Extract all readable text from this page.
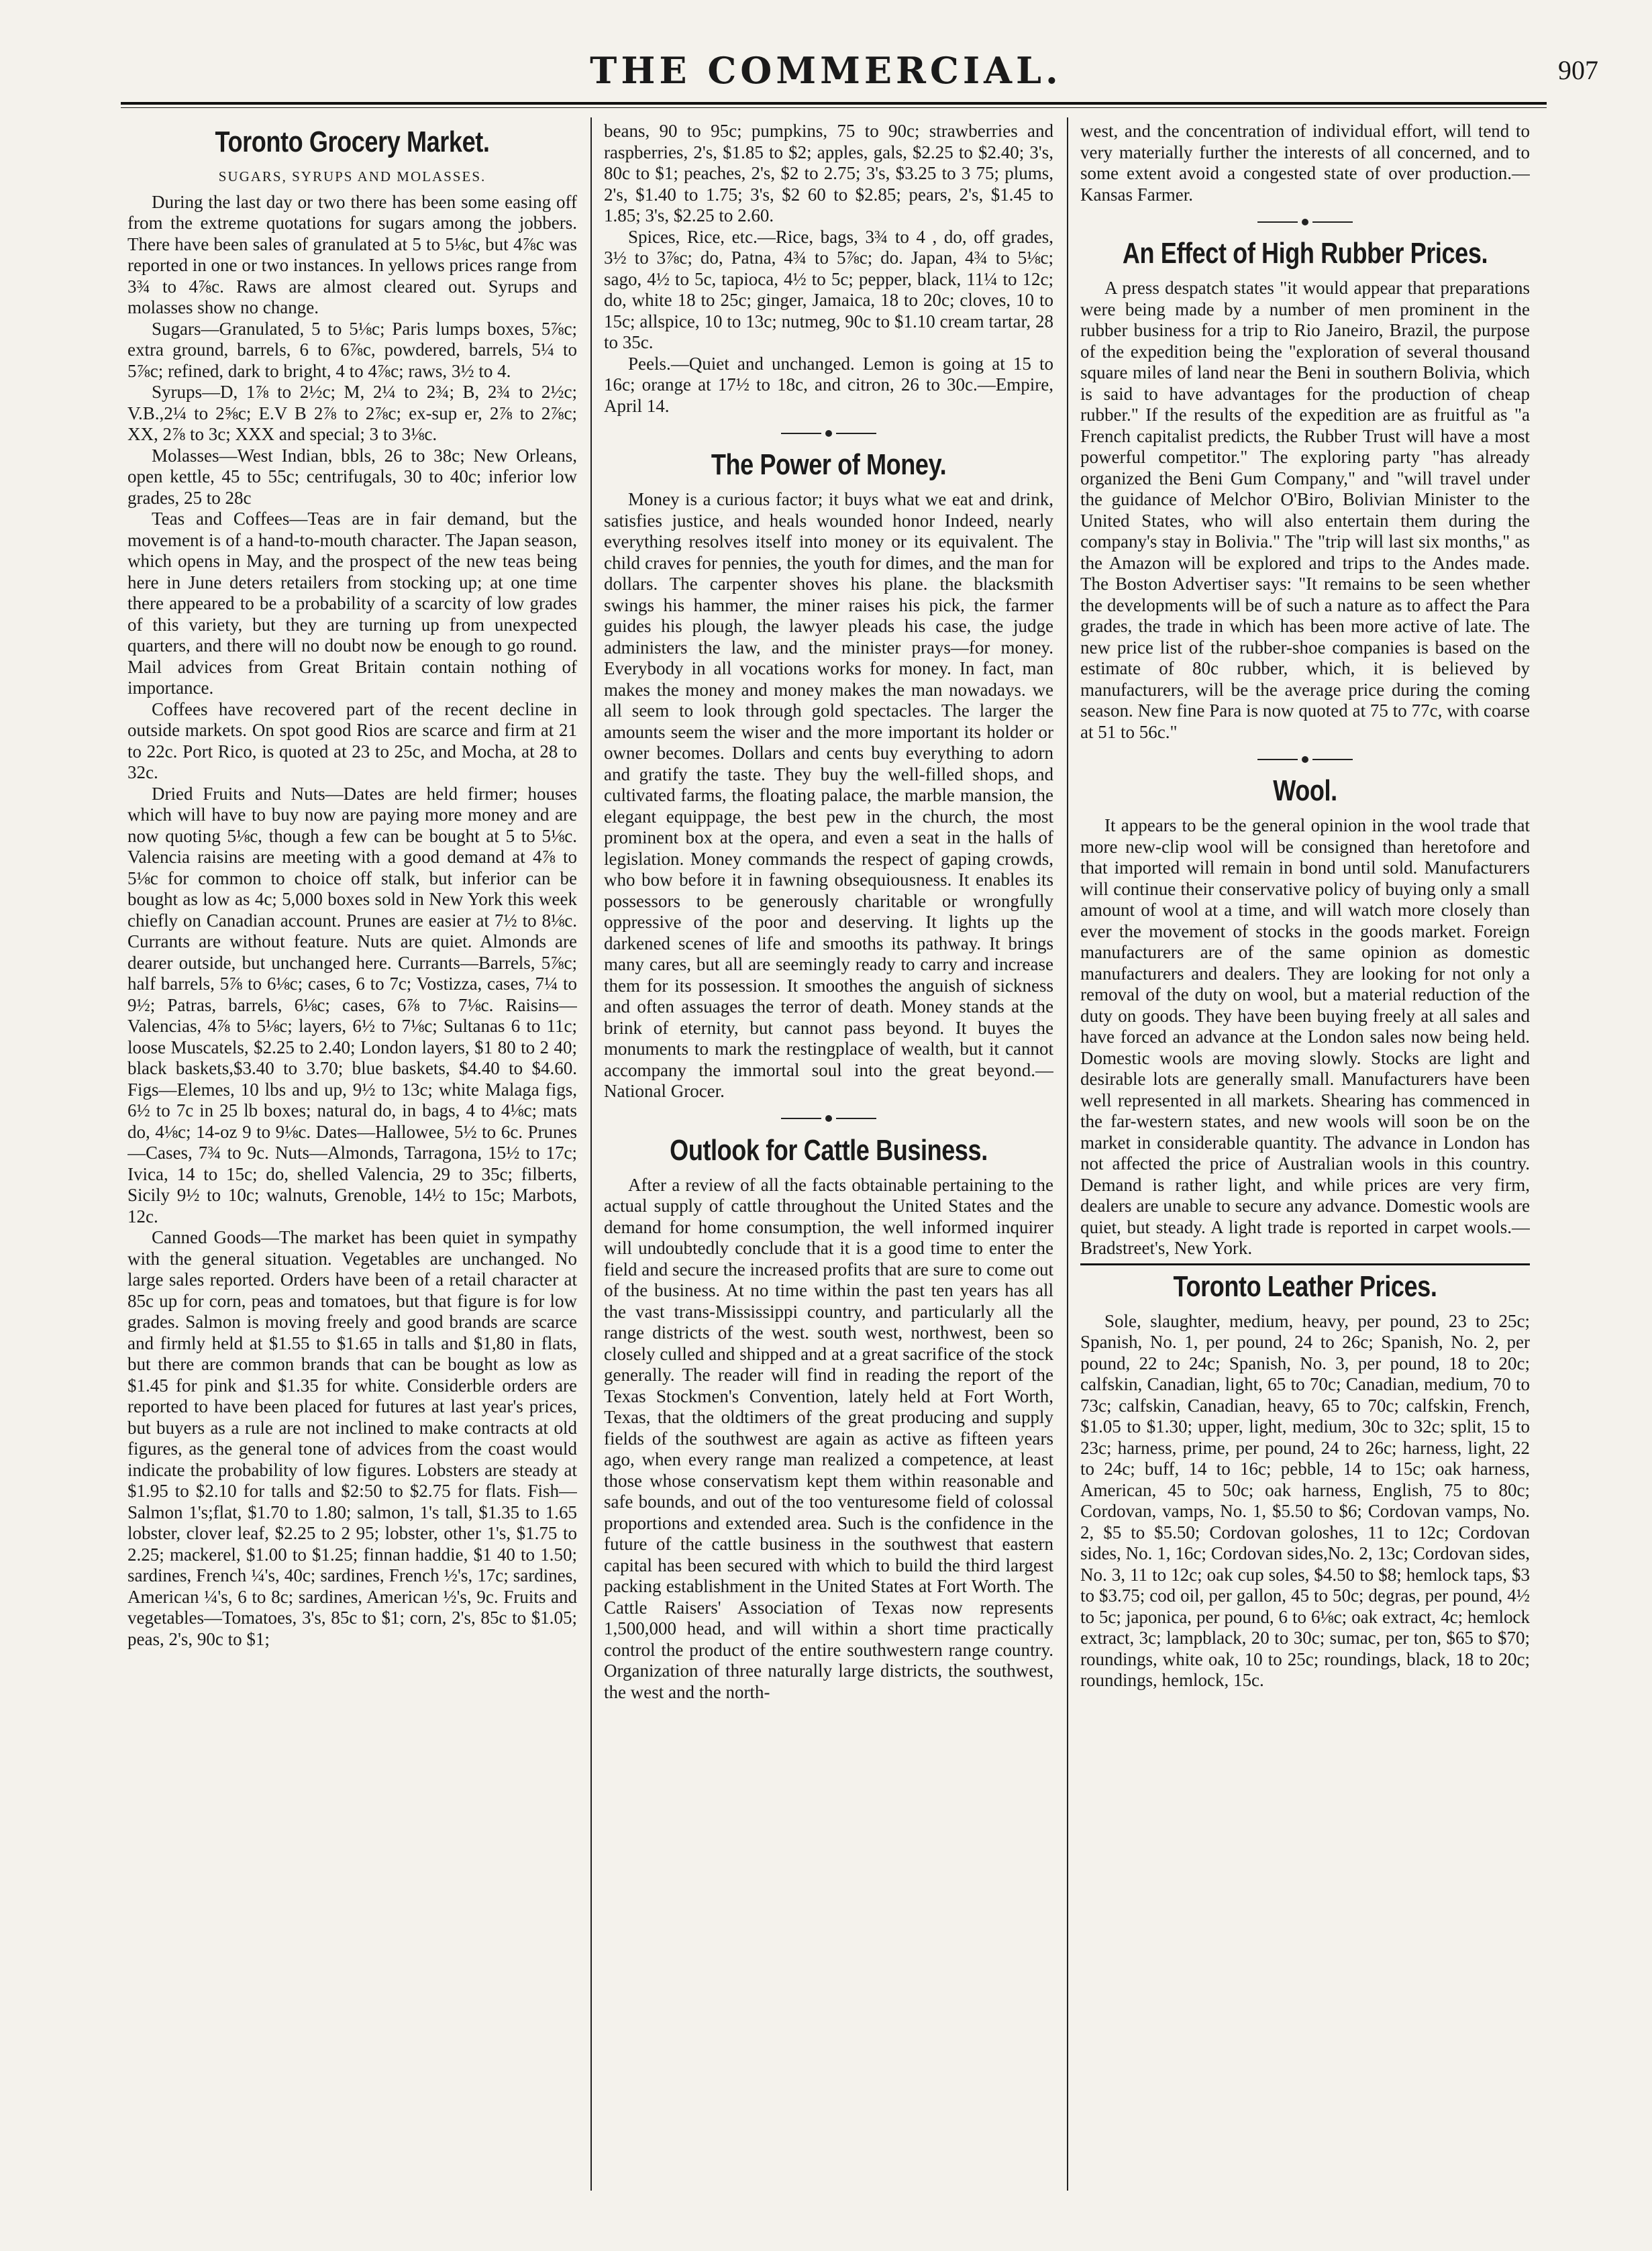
THE COMMERCIAL.	907
Toronto Grocery Market.
SUGARS, SYRUPS AND MOLASSES.

During the last day or two there has been some easing off from the extreme quotations for sugars among the jobbers. There have been sales of granulated at 5 to 5⅛c, but 4⅞c was reported in one or two instances. In yellows prices range from 3¾ to 4⅞c. Raws are almost cleared out. Syrups and molasses show no change.

Sugars—Granulated, 5 to 5⅛c; Paris lumps boxes, 5⅞c; extra ground, barrels, 6 to 6⅞c, powdered, barrels, 5¼ to 5⅞c; refined, dark to bright, 4 to 4⅞c; raws, 3½ to 4.

Syrups—D, 1⅞ to 2½c; M, 2¼ to 2¾; B, 2¾ to 2½c; V.B.,2¼ to 2⅝c; E.V B 2⅞ to 2⅞c; ex-sup er, 2⅞ to 2⅞c; XX, 2⅞ to 3c; XXX and special; 3 to 3⅛c.

Molasses—West Indian, bbls, 26 to 38c; New Orleans, open kettle, 45 to 55c; centrifugals, 30 to 40c; inferior low grades, 25 to 28c

Teas and Coffees—Teas are in fair demand, but the movement is of a hand-to-mouth character. The Japan season, which opens in May, and the prospect of the new teas being here in June deters retailers from stocking up; at one time there appeared to be a probability of a scarcity of low grades of this variety, but they are turning up from unexpected quarters, and there will no doubt now be enough to go round. Mail advices from Great Britain contain nothing of importance.

Coffees have recovered part of the recent decline in outside markets. On spot good Rios are scarce and firm at 21 to 22c. Port Rico, is quoted at 23 to 25c, and Mocha, at 28 to 32c.

Dried Fruits and Nuts—Dates are held firmer; houses which will have to buy now are paying more money and are now quoting 5⅛c, though a few can be bought at 5 to 5⅛c. Valencia raisins are meeting with a good demand at 4⅞ to 5⅛c for common to choice off stalk, but inferior can be bought as low as 4c; 5,000 boxes sold in New York this week chiefly on Canadian account. Prunes are easier at 7½ to 8⅛c. Currants are without feature. Nuts are quiet. Almonds are dearer outside, but unchanged here. Currants—Barrels, 5⅞c; half barrels, 5⅞ to 6⅛c; cases, 6 to 7c; Vostizza, cases, 7¼ to 9½; Patras, barrels, 6⅛c; cases, 6⅞ to 7⅛c. Raisins—Valencias, 4⅞ to 5⅛c; layers, 6½ to 7⅛c; Sultanas 6 to 11c; loose Muscatels, $2.25 to 2.40; London layers, $1 80 to 2 40; black baskets,$3.40 to 3.70; blue baskets, $4.40 to $4.60. Figs—Elemes, 10 lbs and up, 9½ to 13c; white Malaga figs, 6½ to 7c in 25 lb boxes; natural do, in bags, 4 to 4⅛c; mats do, 4⅛c; 14-oz 9 to 9⅛c. Dates—Hallowee, 5½ to 6c. Prunes—Cases, 7¾ to 9c. Nuts—Almonds, Tarragona, 15½ to 17c; Ivica, 14 to 15c; do, shelled Valencia, 29 to 35c; filberts, Sicily 9½ to 10c; walnuts, Grenoble, 14½ to 15c; Marbots, 12c.

Canned Goods—The market has been quiet in sympathy with the general situation. Vegetables are unchanged. No large sales reported. Orders have been of a retail character at 85c up for corn, peas and tomatoes, but that figure is for low grades. Salmon is moving freely and good brands are scarce and firmly held at $1.55 to $1.65 in talls and $1,80 in flats, but there are common brands that can be bought as low as $1.45 for pink and $1.35 for white. Considerble orders are reported to have been placed for futures at last year's prices, but buyers as a rule are not inclined to make contracts at old figures, as the general tone of advices from the coast would indicate the probability of low figures. Lobsters are steady at $1.95 to $2.10 for talls and $2:50 to $2.75 for flats. Fish—Salmon 1's;flat, $1.70 to 1.80; salmon, 1's tall, $1.35 to 1.65 lobster, clover leaf, $2.25 to 2 95; lobster, other 1's, $1.75 to 2.25; mackerel, $1.00 to $1.25; finnan haddie, $1 40 to 1.50; sardines, French ¼'s, 40c; sardines, French ½'s, 17c; sardines, American ¼'s, 6 to 8c; sardines, American ½'s, 9c. Fruits and vegetables—Tomatoes, 3's, 85c to $1; corn, 2's, 85c to $1.05; peas, 2's, 90c to $1;

beans, 90 to 95c; pumpkins, 75 to 90c; strawberries and raspberries, 2's, $1.85 to $2; apples, gals, $2.25 to $2.40; 3's, 80c to $1; peaches, 2's, $2 to 2.75; 3's, $3.25 to 3 75; plums, 2's, $1.40 to 1.75; 3's, $2 60 to $2.85; pears, 2's, $1.45 to 1.85; 3's, $2.25 to 2.60.

Spices, Rice, etc.—Rice, bags, 3¾ to 4 , do, off grades, 3½ to 3⅞c; do, Patna, 4¾ to 5⅞c; do. Japan, 4¾ to 5⅛c; sago, 4½ to 5c, tapioca, 4½ to 5c; pepper, black, 11¼ to 12c; do, white 18 to 25c; ginger, Jamaica, 18 to 20c; cloves, 10 to 15c; allspice, 10 to 13c; nutmeg, 90c to $1.10 cream tartar, 28 to 35c.

Peels.—Quiet and unchanged. Lemon is going at 15 to 16c; orange at 17½ to 18c, and citron, 26 to 30c.—Empire, April 14.

The Power of Money.

Money is a curious factor; it buys what we eat and drink, satisfies justice, and heals wounded honor Indeed, nearly everything resolves itself into money or its equivalent. The child craves for pennies, the youth for dimes, and the man for dollars. The carpenter shoves his plane. the blacksmith swings his hammer, the miner raises his pick, the farmer guides his plough, the lawyer pleads his case, the judge administers the law, and the minister prays—for money. Everybody in all vocations works for money. In fact, man makes the money and money makes the man nowadays. we all seem to look through gold spectacles. The larger the amounts seem the wiser and the more important its holder or owner becomes. Dollars and cents buy everything to adorn and gratify the taste. They buy the well-filled shops, and cultivated farms, the floating palace, the marble mansion, the elegant equippage, the best pew in the church, the most prominent box at the opera, and even a seat in the halls of legislation. Money commands the respect of gaping crowds, who bow before it in fawning obsequiousness. It enables its possessors to be generously charitable or wrongfully oppressive of the poor and deserving. It lights up the darkened scenes of life and smooths its pathway. It brings many cares, but all are seemingly ready to carry and increase them for its possession. It smoothes the anguish of sickness and often assuages the terror of death. Money stands at the brink of eternity, but cannot pass beyond. It buyes the monuments to mark the restingplace of wealth, but it cannot accompany the immortal soul into the great beyond.—National Grocer.

Outlook for Cattle Business.

After a review of all the facts obtainable pertaining to the actual supply of cattle throughout the United States and the demand for home consumption, the well informed inquirer will undoubtedly conclude that it is a good time to enter the field and secure the increased profits that are sure to come out of the business. At no time within the past ten years has all the vast trans-Mississippi country, and particularly all the range districts of the west. south west, northwest, been so closely culled and shipped and at a great sacrifice of the stock generally. The reader will find in reading the report of the Texas Stockmen's Convention, lately held at Fort Worth, Texas, that the oldtimers of the great producing and supply fields of the southwest are again as active as fifteen years ago, when every range man realized a competence, at least those whose conservatism kept them within reasonable and safe bounds, and out of the too venturesome field of colossal proportions and extended area. Such is the confidence in the future of the cattle business in the southwest that eastern capital has been secured with which to build the third largest packing establishment in the United States at Fort Worth. The Cattle Raisers' Association of Texas now represents 1,500,000 head, and will within a short time practically control the product of the entire southwestern range country. Organization of three naturally large districts, the southwest, the west and the north-

west, and the concentration of individual effort, will tend to very materially further the interests of all concerned, and to some extent avoid a congested state of over production.—Kansas Farmer.

An Effect of High Rubber Prices.

A press despatch states "it would appear that preparations were being made by a number of men prominent in the rubber business for a trip to Rio Janeiro, Brazil, the purpose of the expedition being the "exploration of several thousand square miles of land near the Beni in southern Bolivia, which is said to have advantages for the production of cheap rubber." If the results of the expedition are as fruitful as "a French capitalist predicts, the Rubber Trust will have a most powerful competitor." The exploring party "has already organized the Beni Gum Company," and "will travel under the guidance of Melchor O'Biro, Bolivian Minister to the United States, who will also entertain them during the company's stay in Bolivia." The "trip will last six months," as the Amazon will be explored and trips to the Andes made. The Boston Advertiser says: "It remains to be seen whether the developments will be of such a nature as to affect the Para grades, the trade in which has been more active of late. The new price list of the rubber-shoe companies is based on the estimate of 80c rubber, which, it is believed by manufacturers, will be the average price during the coming season. New fine Para is now quoted at 75 to 77c, with coarse at 51 to 56c."

Wool.

It appears to be the general opinion in the wool trade that more new-clip wool will be consigned than heretofore and that imported will remain in bond until sold. Manufacturers will continue their conservative policy of buying only a small amount of wool at a time, and will watch more closely than ever the movement of stocks in the goods market. Foreign manufacturers are of the same opinion as domestic manufacturers and dealers. They are looking for not only a removal of the duty on wool, but a material reduction of the duty on goods. They have been buying freely at all sales and have forced an advance at the London sales now being held. Domestic wools are moving slowly. Stocks are light and desirable lots are generally small. Manufacturers have been well represented in all markets. Shearing has commenced in the far-western states, and new wools will soon be on the market in considerable quantity. The advance in London has not affected the price of Australian wools in this country. Demand is rather light, and while prices are very firm, dealers are unable to secure any advance. Domestic wools are quiet, but steady. A light trade is reported in carpet wools.—Bradstreet's, New York.

Toronto Leather Prices.

Sole, slaughter, medium, heavy, per pound, 23 to 25c; Spanish, No. 1, per pound, 24 to 26c; Spanish, No. 2, per pound, 22 to 24c; Spanish, No. 3, per pound, 18 to 20c; calfskin, Canadian, light, 65 to 70c; Canadian, medium, 70 to 73c; calfskin, Canadian, heavy, 65 to 70c; calfskin, French, $1.05 to $1.30; upper, light, medium, 30c to 32c; split, 15 to 23c; harness, prime, per pound, 24 to 26c; harness, light, 22 to 24c; buff, 14 to 16c; pebble, 14 to 15c; oak harness, American, 45 to 50c; oak harness, English, 75 to 80c; Cordovan, vamps, No. 1, $5.50 to $6; Cordovan vamps, No. 2, $5 to $5.50; Cordovan goloshes, 11 to 12c; Cordovan sides, No. 1, 16c; Cordovan sides,No. 2, 13c; Cordovan sides, No. 3, 11 to 12c; oak cup soles, $4.50 to $8; hemlock taps, $3 to $3.75; cod oil, per gallon, 45 to 50c; degras, per pound, 4½ to 5c; japonica, per pound, 6 to 6⅛c; oak extract, 4c; hemlock extract, 3c; lampblack, 20 to 30c; sumac, per ton, $65 to $70; roundings, white oak, 10 to 25c; roundings, black, 18 to 20c; roundings, hemlock, 15c.
